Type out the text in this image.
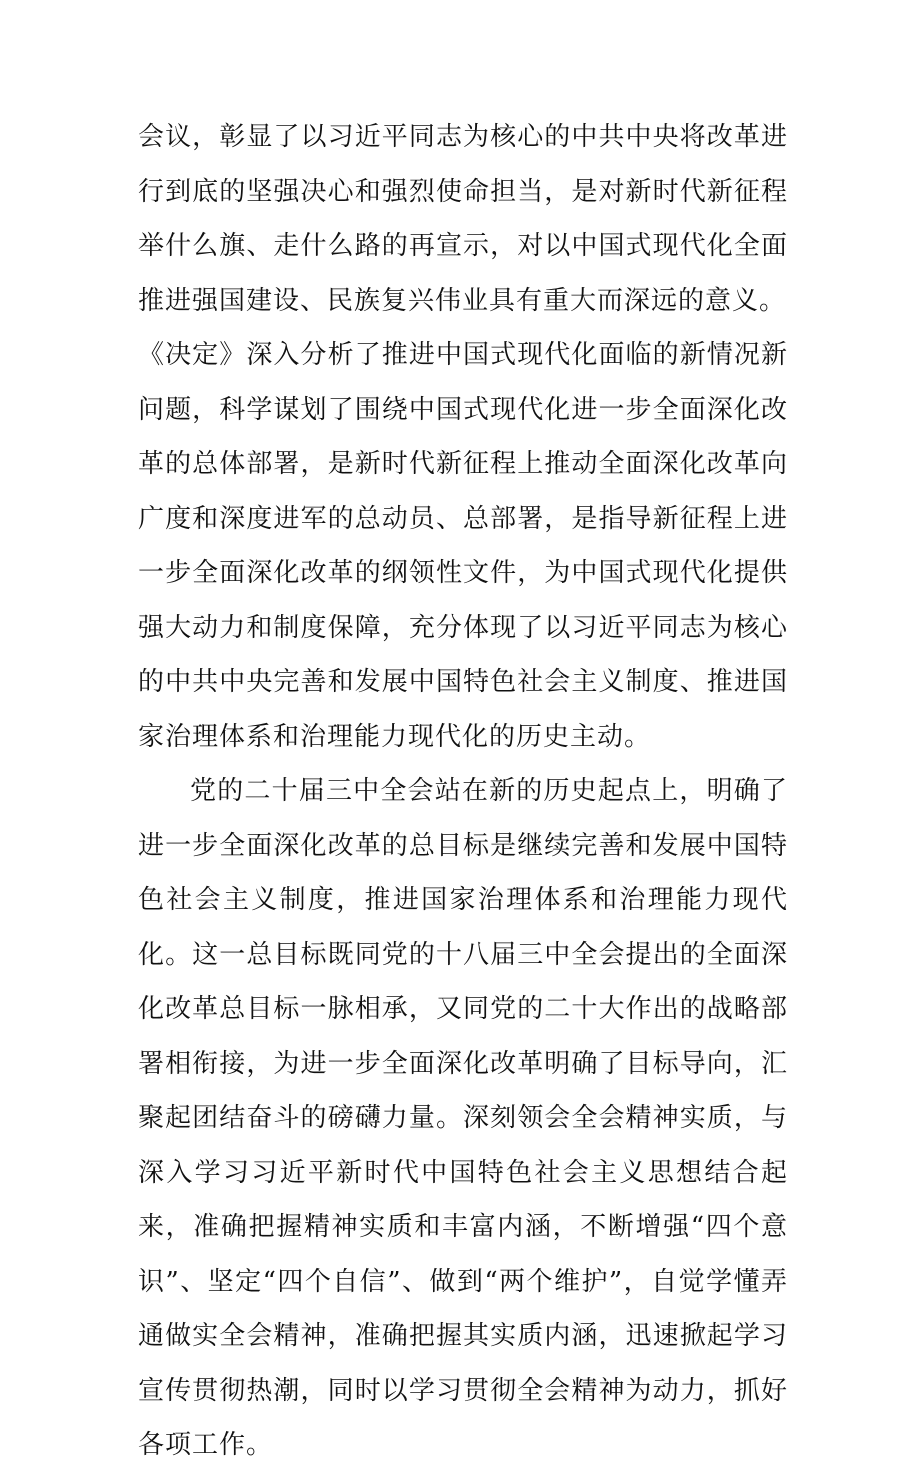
会议，彰显了以习近平同志为核心的中共中央将改革进行到底的坚强决心和强烈使命担当，是对新时代新征程举什么旗、走什么路的再宣示，对以中国式现代化全面推进强国建设、民族复兴伟业具有重大而深远的意义。

《决定》深入分析了推进中国式现代化面临的新情况新问题，科学谋划了围绕中国式现代化进一步全面深化改革的总体部署，是新时代新征程上推动全面深化改革向广度和深度进军的总动员、总部署，是指导新征程上进一步全面深化改革的纲领性文件，为中国式现代化提供强大动力和制度保障，充分体现了以习近平同志为核心的中共中央完善和发展中国特色社会主义制度、推进国家治理体系和治理能力现代化的历史主动。

党的二十届三中全会站在新的历史起点上，明确了进一步全面深化改革的总目标是继续完善和发展中国特色社会主义制度，推进国家治理体系和治理能力现代化。这一总目标既同党的十八届三中全会提出的全面深化改革总目标一脉相承，又同党的二十大作出的战略部署相衔接，为进一步全面深化改革明确了目标导向，汇聚起团结奋斗的磅礴力量。深刻领会全会精神实质，与深入学习习近平新时代中国特色社会主义思想结合起来，准确把握精神实质和丰富内涵，不断增强“四个意识”、坚定“四个自信”、做到“两个维护”，自觉学懂弄通做实全会精神，准确把握其实质内涵，迅速掀起学习宣传贯彻热潮，同时以学习贯彻全会精神为动力，抓好各项工作。
